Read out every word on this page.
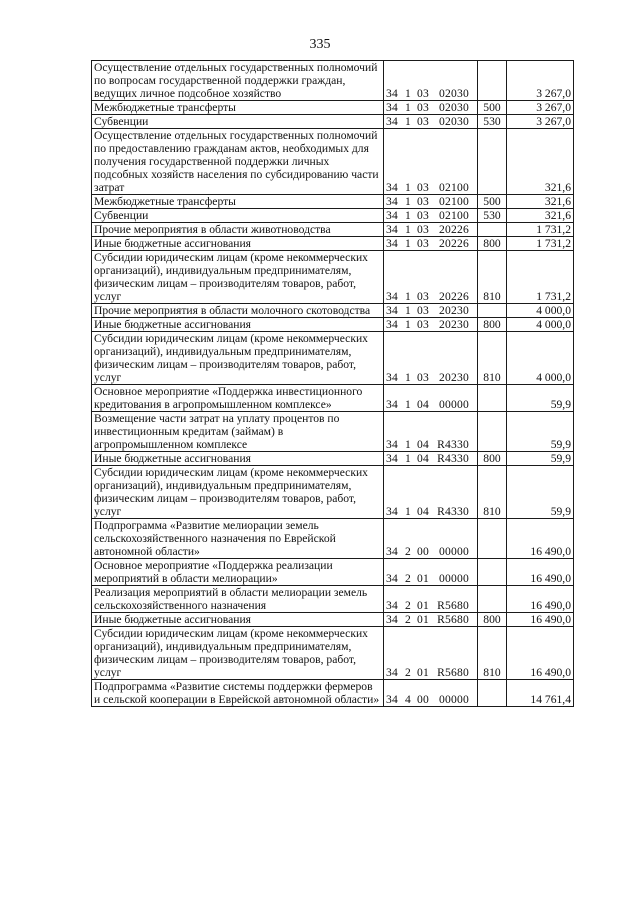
335
Осуществление отдельных государственных полномочий по вопросам государственной поддержки граждан, ведущих личное подсобное хозяйство	34 1 03 02030		3 267,0
Межбюджетные трансферты	34 1 03 02030	500	3 267,0
Субвенции	34 1 03 02030	530	3 267,0
Осуществление отдельных государственных полномочий по предоставлению гражданам актов, необходимых для получения государственной поддержки личных подсобных хозяйств населения по субсидированию части затрат	34 1 03 02100		321,6
Межбюджетные трансферты	34 1 03 02100	500	321,6
Субвенции	34 1 03 02100	530	321,6
Прочие мероприятия в области животноводства	34 1 03 20226		1 731,2
Иные бюджетные ассигнования	34 1 03 20226	800	1 731,2
Субсидии юридическим лицам (кроме некоммерческих организаций), индивидуальным предпринимателям, физическим лицам – производителям товаров, работ, услуг	34 1 03 20226	810	1 731,2
Прочие мероприятия в области молочного скотоводства	34 1 03 20230		4 000,0
Иные бюджетные ассигнования	34 1 03 20230	800	4 000,0
Субсидии юридическим лицам (кроме некоммерческих организаций), индивидуальным предпринимателям, физическим лицам – производителям товаров, работ, услуг	34 1 03 20230	810	4 000,0
Основное мероприятие «Поддержка инвестиционного кредитования в агропромышленном комплексе»	34 1 04 00000		59,9
Возмещение части затрат на уплату процентов по инвестиционным кредитам (займам) в агропромышленном комплексе	34 1 04 R4330		59,9
Иные бюджетные ассигнования	34 1 04 R4330	800	59,9
Субсидии юридическим лицам (кроме некоммерческих организаций), индивидуальным предпринимателям, физическим лицам – производителям товаров, работ, услуг	34 1 04 R4330	810	59,9
Подпрограмма «Развитие мелиорации земель сельскохозяйственного назначения по Еврейской автономной области»	34 2 00 00000		16 490,0
Основное мероприятие «Поддержка реализации мероприятий в области мелиорации»	34 2 01 00000		16 490,0
Реализация мероприятий в области мелиорации земель сельскохозяйственного назначения	34 2 01 R5680		16 490,0
Иные бюджетные ассигнования	34 2 01 R5680	800	16 490,0
Субсидии юридическим лицам (кроме некоммерческих организаций), индивидуальным предпринимателям, физическим лицам – производителям товаров, работ, услуг	34 2 01 R5680	810	16 490,0
Подпрограмма «Развитие системы поддержки фермеров и сельской кооперации в Еврейской автономной области»	34 4 00 00000		14 761,4
